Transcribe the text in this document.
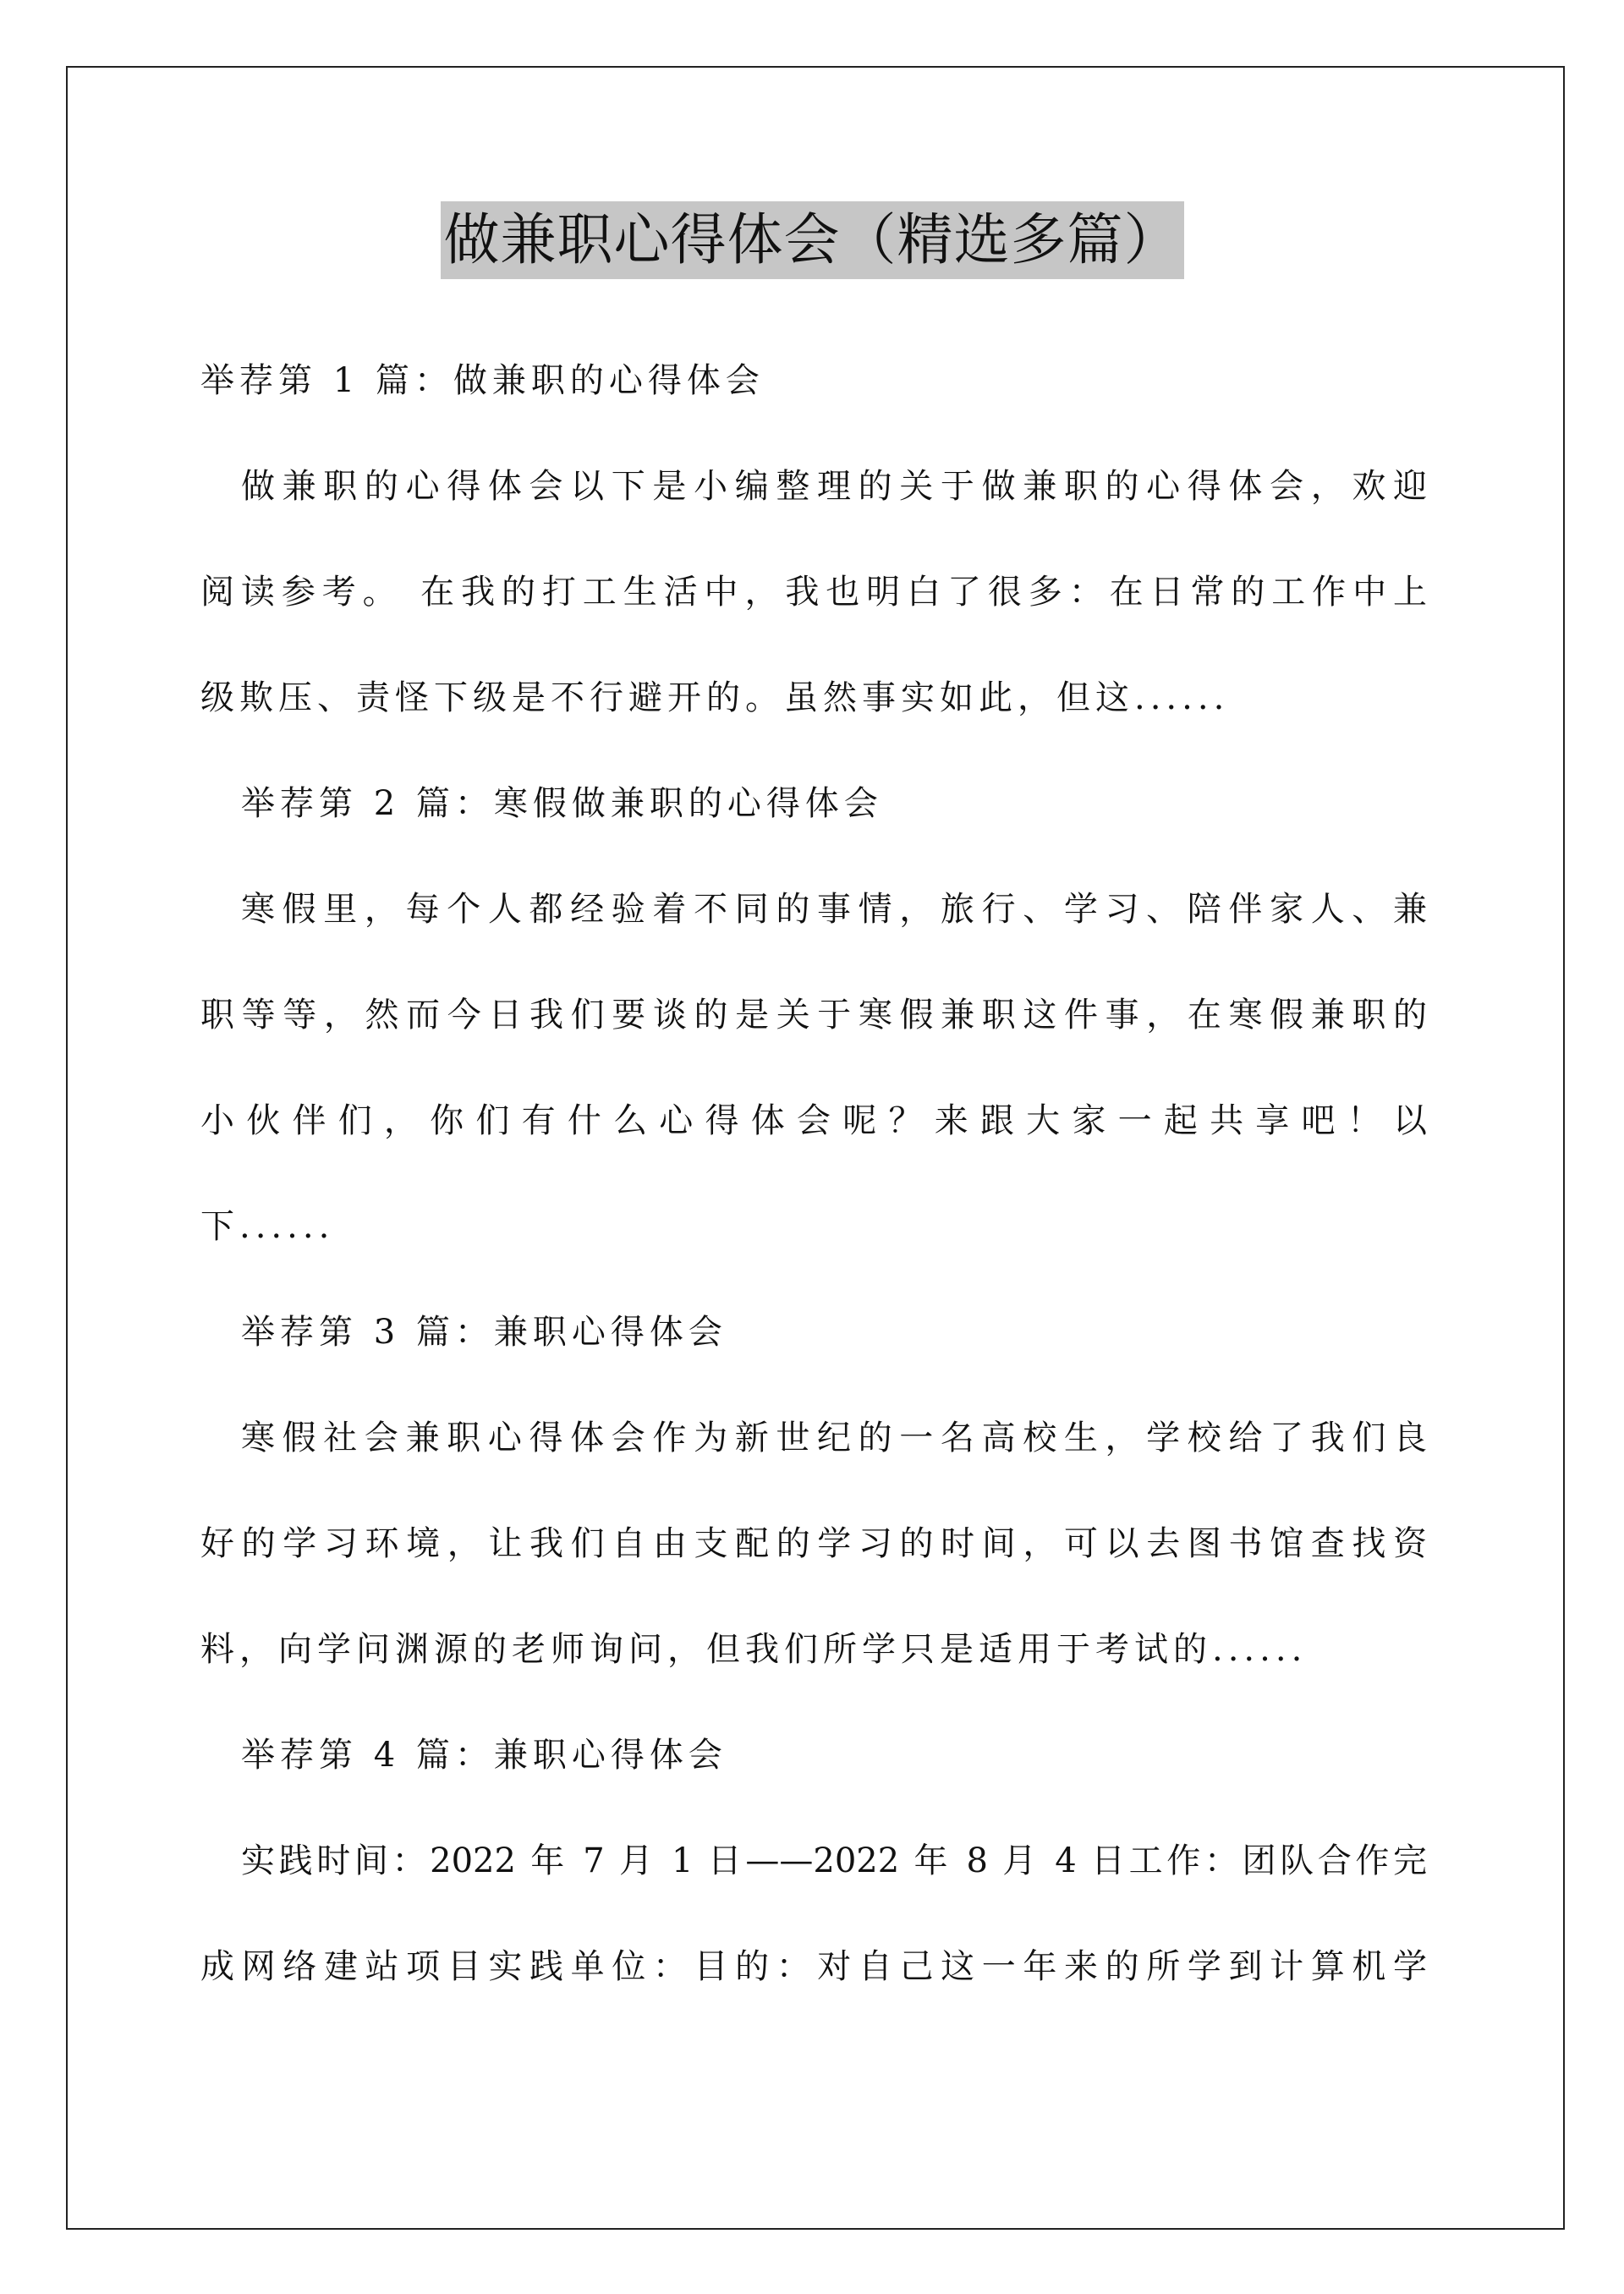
做兼职心得体会（精选多篇）
举荐第 1 篇：做兼职的心得体会
做兼职的心得体会以下是小编整理的关于做兼职的心得体会，欢迎
阅读参考。 在我的打工生活中，我也明白了很多：在日常的工作中上
级欺压、责怪下级是不行避开的。虽然事实如此，但这......
举荐第 2 篇：寒假做兼职的心得体会
寒假里，每个人都经验着不同的事情，旅行、学习、陪伴家人、兼
职等等，然而今日我们要谈的是关于寒假兼职这件事，在寒假兼职的
小伙伴们，你们有什么心得体会呢？来跟大家一起共享吧！以
下......
举荐第 3 篇：兼职心得体会
寒假社会兼职心得体会作为新世纪的一名高校生，学校给了我们良
好的学习环境，让我们自由支配的学习的时间，可以去图书馆查找资
料，向学问渊源的老师询问，但我们所学只是适用于考试的......
举荐第 4 篇：兼职心得体会
实践时间：2022 年 7 月 1 日——2022 年 8 月 4 日工作：团队合作完
成网络建站项目实践单位：目的：对自己这一年来的所学到计算机学
